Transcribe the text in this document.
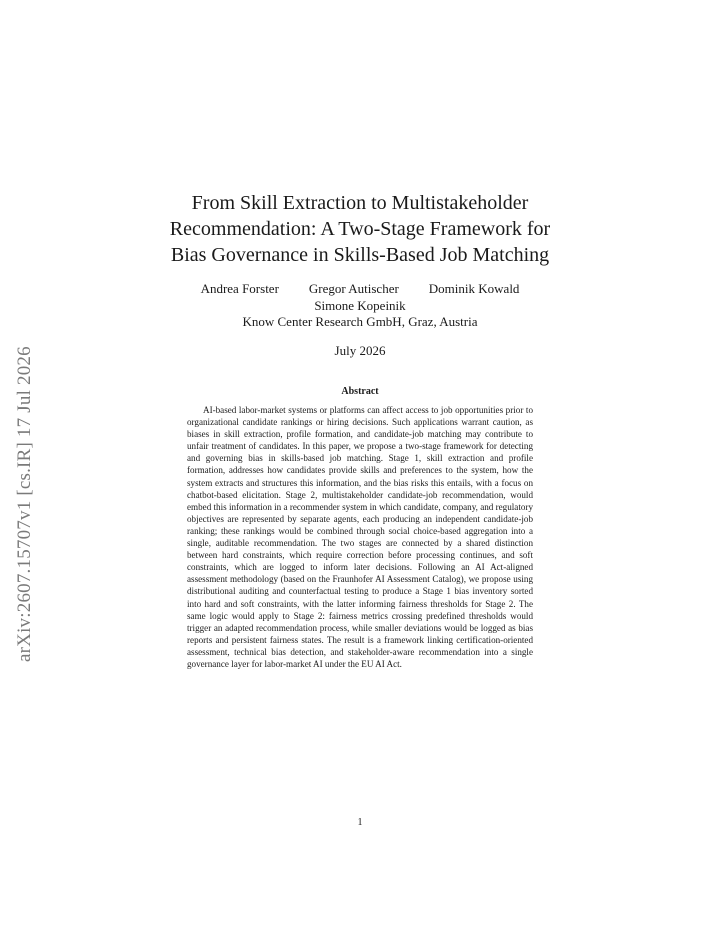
arXiv:2607.15707v1 [cs.IR] 17 Jul 2026
From Skill Extraction to Multistakeholder
Recommendation: A Two-Stage Framework for
Bias Governance in Skills-Based Job Matching
Andrea Forster Gregor Autischer Dominik Kowald
Simone Kopeinik
Know Center Research GmbH, Graz, Austria
July 2026
Abstract

AI-based labor-market systems or platforms can affect access to job opportunities prior to organizational candidate rankings or hiring decisions. Such applications warrant caution, as biases in skill extraction, profile formation, and candidate-job matching may contribute to unfair treatment of candidates. In this paper, we propose a two-stage framework for detecting and governing bias in skills-based job matching. Stage 1, skill extraction and profile formation, addresses how candidates provide skills and preferences to the system, how the system extracts and structures this information, and the bias risks this entails, with a focus on chatbot-based elicitation. Stage 2, multistakeholder candidate-job recommendation, would embed this information in a recommender system in which candidate, company, and regulatory objectives are represented by separate agents, each producing an independent candidate-job ranking; these rankings would be combined through social choice-based aggregation into a single, auditable recommendation. The two stages are connected by a shared distinction between hard constraints, which require correction before processing continues, and soft constraints, which are logged to inform later decisions. Following an AI Act-aligned assessment methodology (based on the Fraunhofer AI Assessment Catalog), we propose using distributional auditing and counterfactual testing to produce a Stage 1 bias inventory sorted into hard and soft constraints, with the latter informing fairness thresholds for Stage 2. The same logic would apply to Stage 2: fairness metrics crossing predefined thresholds would trigger an adapted recommendation process, while smaller deviations would be logged as bias reports and persistent fairness states. The result is a framework linking certification-oriented assessment, technical bias detection, and stakeholder-aware recommendation into a single governance layer for labor-market AI under the EU AI Act.

1
